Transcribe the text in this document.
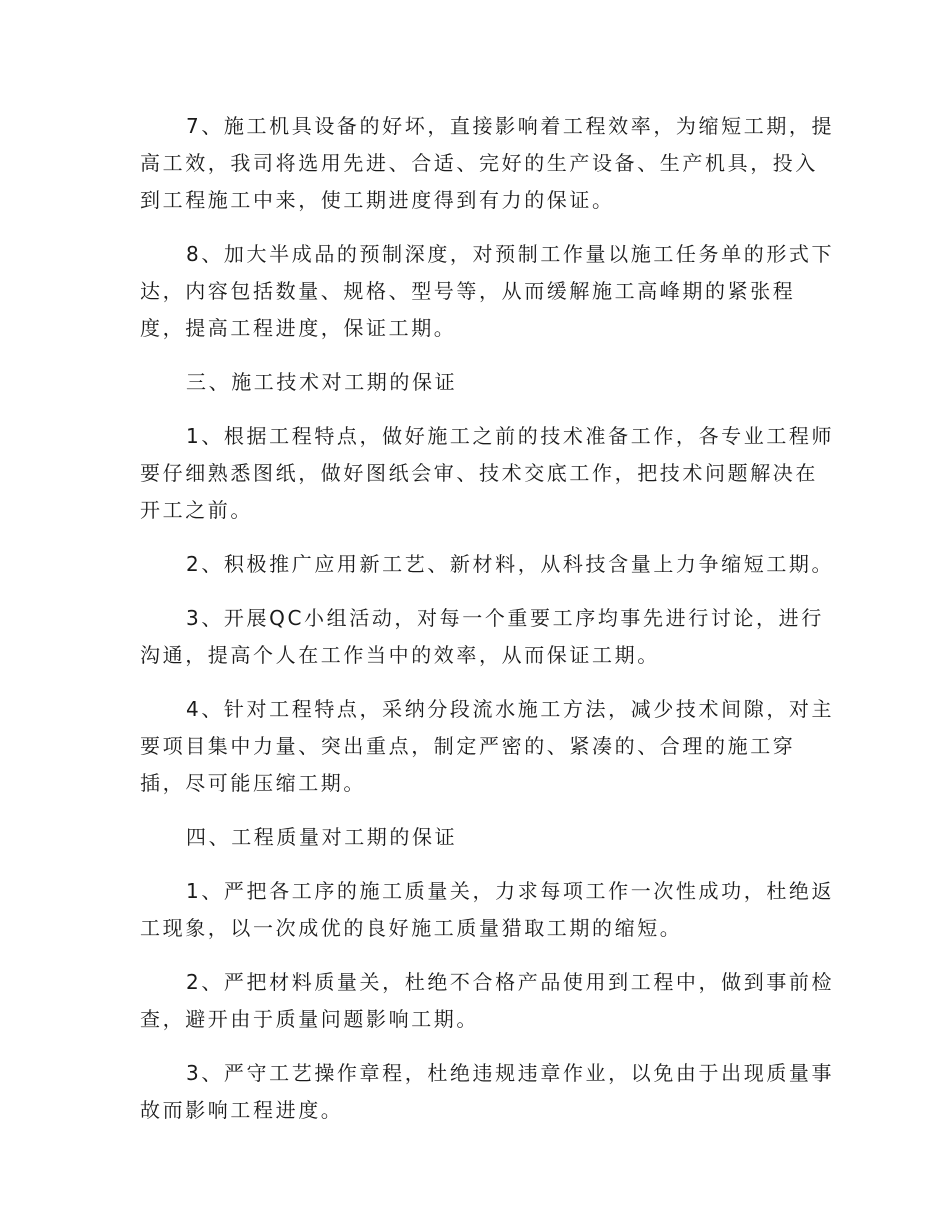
7、施工机具设备的好坏，直接影响着工程效率，为缩短工期，提
高工效，我司将选用先进、合适、完好的生产设备、生产机具，投入
到工程施工中来，使工期进度得到有力的保证。

8、加大半成品的预制深度，对预制工作量以施工任务单的形式下
达，内容包括数量、规格、型号等，从而缓解施工高峰期的紧张程
度，提高工程进度，保证工期。

三、施工技术对工期的保证

1、根据工程特点，做好施工之前的技术准备工作，各专业工程师
要仔细熟悉图纸，做好图纸会审、技术交底工作，把技术问题解决在
开工之前。

2、积极推广应用新工艺、新材料，从科技含量上力争缩短工期。

3、开展QC小组活动，对每一个重要工序均事先进行讨论，进行
沟通，提高个人在工作当中的效率，从而保证工期。

4、针对工程特点，采纳分段流水施工方法，减少技术间隙，对主
要项目集中力量、突出重点，制定严密的、紧凑的、合理的施工穿
插，尽可能压缩工期。

四、工程质量对工期的保证

1、严把各工序的施工质量关，力求每项工作一次性成功，杜绝返
工现象，以一次成优的良好施工质量猎取工期的缩短。

2、严把材料质量关，杜绝不合格产品使用到工程中，做到事前检
查，避开由于质量问题影响工期。

3、严守工艺操作章程，杜绝违规违章作业，以免由于出现质量事
故而影响工程进度。
